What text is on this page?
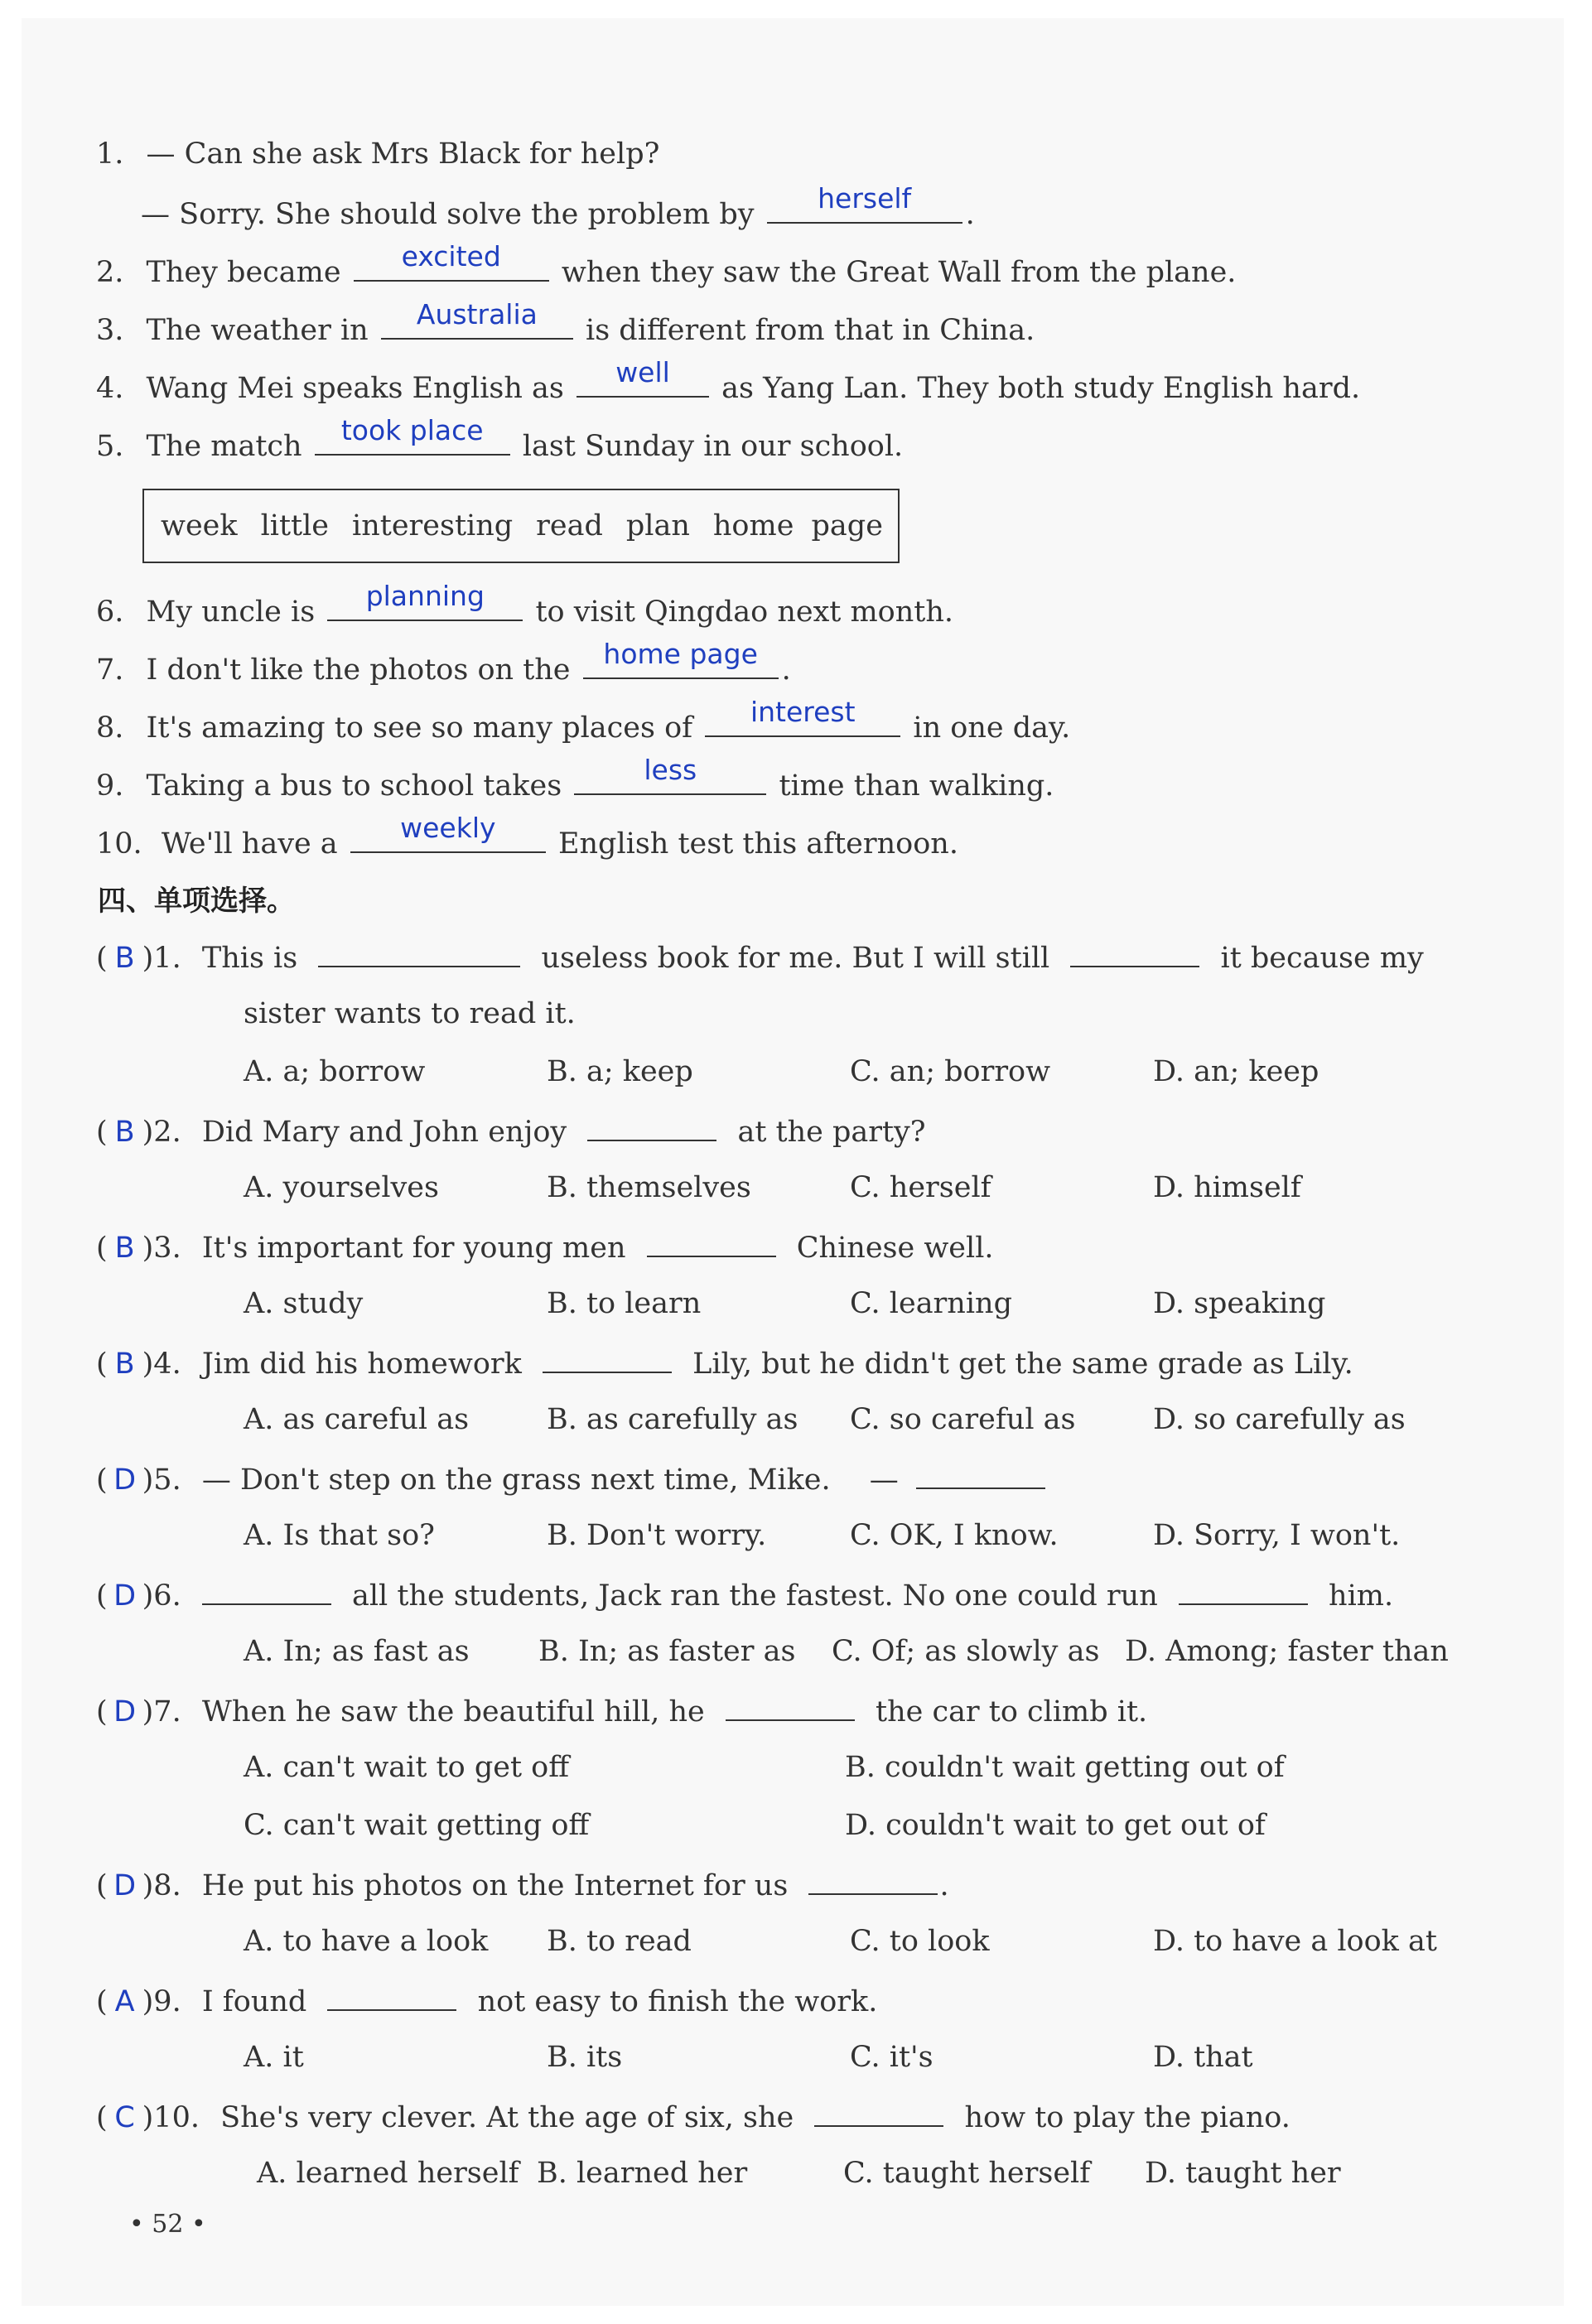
1. — Can she ask Mrs Black for help?
— Sorry. She should solve the problem by	herself	.
2. They became	excited	when they saw the Great Wall from the plane.
3. The weather in	Australia	is different from that in China.
4. Wang Mei speaks English as	well	as Yang Lan. They both study English hard.
5. The match	took place	last Sunday in our school.
week little interesting read plan home page
6. My uncle is	planning	to visit Qingdao next month.
7. I don't like the photos on the	home page .
8. It's amazing to see so many places of	interest	in one day.
9. Taking a bus to school takes	less	time than walking.
10. We'll have a	weekly	English test this afternoon.
四、单项选择。
( B )1. This is	useless book for me. But I will still	it because my
sister wants to read it.
A. a; borrow	B. a; keep	C. an; borrow	D. an; keep
( B )2. Did Mary and John enjoy	at the party?
A. yourselves	B. themselves	C. herself	D. himself
( B )3. It's important for young men	Chinese well.
A. study	B. to learn	C. learning	D. speaking
( B )4. Jim did his homework	Lily, but he didn't get the same grade as Lily.
A. as careful as	B. as carefully as C. so careful as	D. so carefully as
( D )5. — Don't step on the grass next time, Mike. —
A. Is that so?	B. Don't worry.	C. OK, I know.	D. Sorry, I won't.
( D )6.	all the students, Jack ran the fastest. No one could run	him.
A. In; as fast as B. In; as faster as C. Of; as slowly as D. Among; faster than
( D )7. When he saw the beautiful hill, he	the car to climb it.
A. can't wait to get off	B. couldn't wait getting out of
C. can't wait getting off	D. couldn't wait to get out of
( D )8. He put his photos on the Internet for us	.
A. to have a look B. to read	C. to look	D. to have a look at
( A )9. I found	not easy to finish the work.
A. it	B. its	C. it's	D. that
( C )10. She's very clever. At the age of six, she	how to play the piano.
A. learned herself B. learned her	C. taught herself D. taught her
• 52 •
